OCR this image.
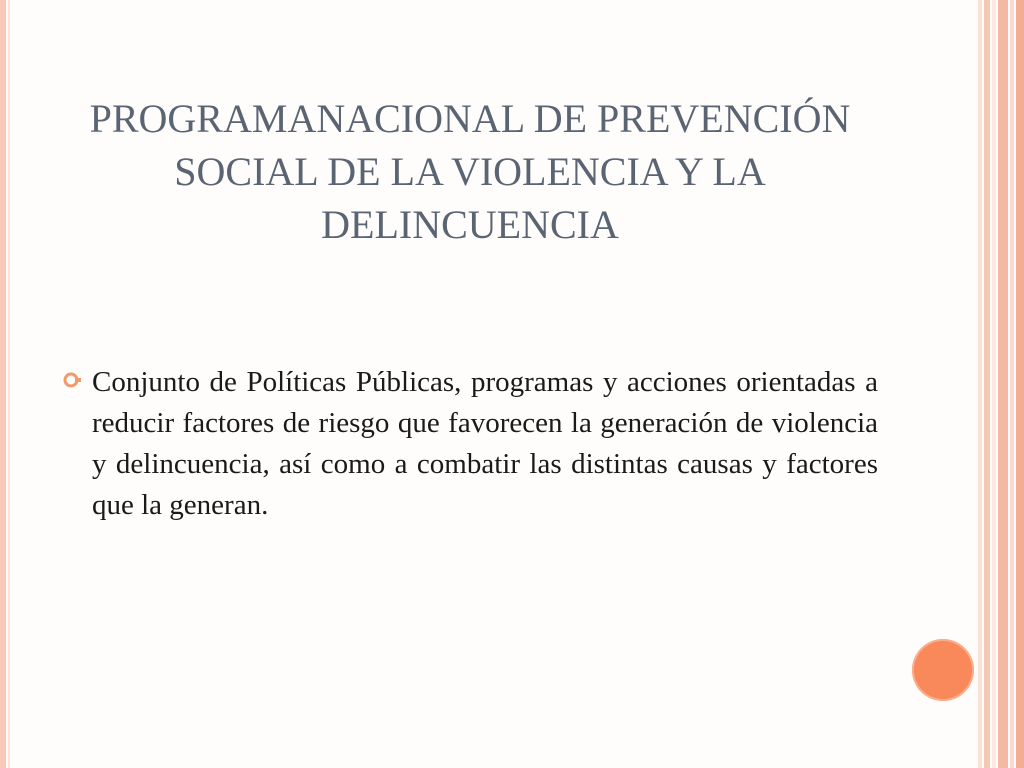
PROGRAMANACIONAL DE PREVENCIÓN SOCIAL DE LA VIOLENCIA Y LA DELINCUENCIA

Conjunto de Políticas Públicas, programas y acciones orientadas a reducir factores de riesgo que favorecen la generación de violencia y delincuencia, así como a combatir las distintas causas y factores que la generan.
